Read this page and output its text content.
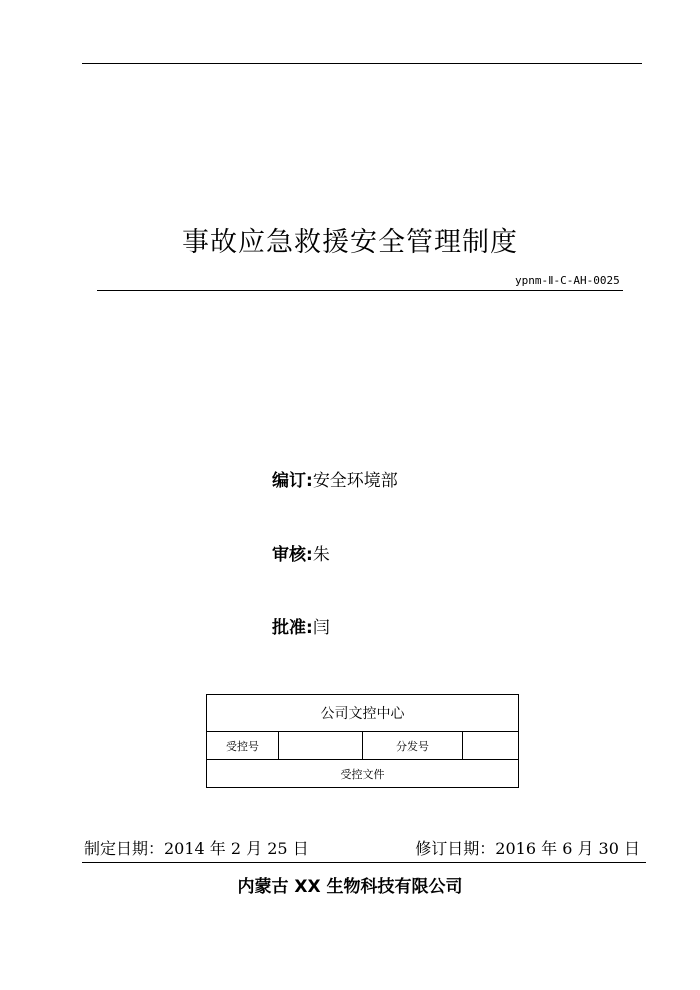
事故应急救援安全管理制度
ypnm-Ⅱ-C-AH-0025
编订:安全环境部
审核:朱
批准:闫
公司文控中心
受控号		分发号	
受控文件
制定日期：2014 年 2 月 25 日	修订日期：2016 年 6 月 30 日
内蒙古 XX 生物科技有限公司
